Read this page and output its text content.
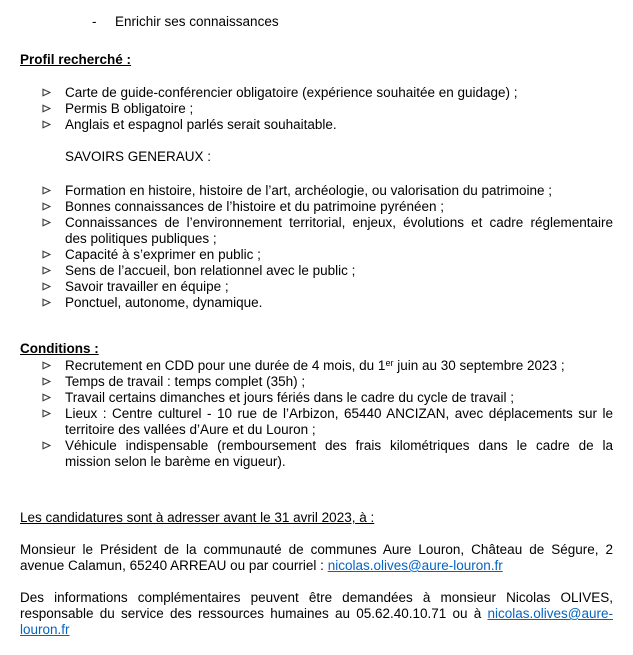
- Enrichir ses connaissances
Profil recherché :
Carte de guide-conférencier obligatoire (expérience souhaitée en guidage) ;
Permis B obligatoire ;
Anglais et espagnol parlés serait souhaitable.
SAVOIRS GENERAUX :
Formation en histoire, histoire de l’art, archéologie, ou valorisation du patrimoine ;
Bonnes connaissances de l’histoire et du patrimoine pyrénéen ;
Connaissances de l’environnement territorial, enjeux, évolutions et cadre réglementaire
des politiques publiques ;
Capacité à s’exprimer en public ;
Sens de l’accueil, bon relationnel avec le public ;
Savoir travailler en équipe ;
Ponctuel, autonome, dynamique.
Conditions :
Recrutement en CDD pour une durée de 4 mois, du 1er juin au 30 septembre 2023 ;
Temps de travail : temps complet (35h) ;
Travail certains dimanches et jours fériés dans le cadre du cycle de travail ;
Lieux : Centre culturel - 10 rue de l’Arbizon, 65440 ANCIZAN, avec déplacements sur le
territoire des vallées d’Aure et du Louron ;
Véhicule indispensable (remboursement des frais kilométriques dans le cadre de la
mission selon le barème en vigueur).
Les candidatures sont à adresser avant le 31 avril 2023, à :

Monsieur le Président de la communauté de communes Aure Louron, Château de Ségure, 2
avenue Calamun, 65240 ARREAU ou par courriel : nicolas.olives@aure-louron.fr

Des informations complémentaires peuvent être demandées à monsieur Nicolas OLIVES,
responsable du service des ressources humaines au 05.62.40.10.71 ou à nicolas.olives@aure-
louron.fr
